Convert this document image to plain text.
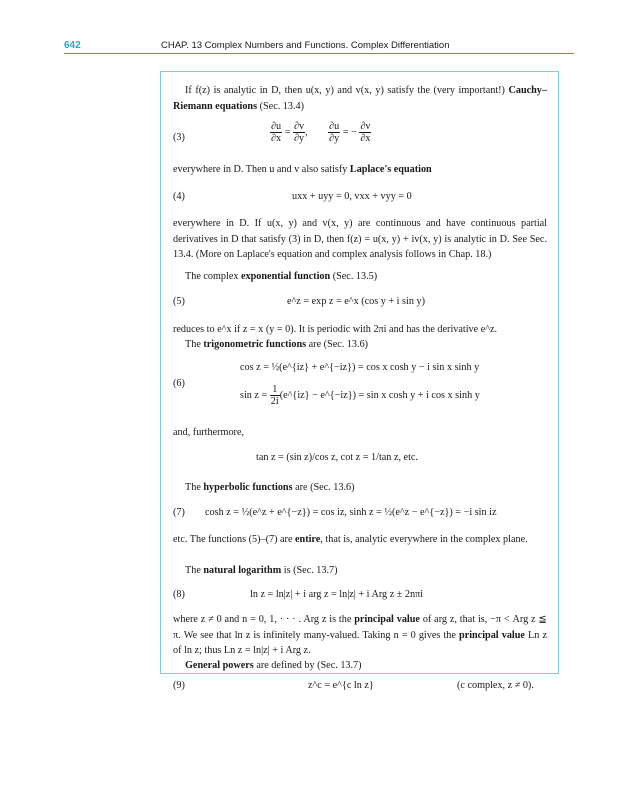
642	CHAP. 13 Complex Numbers and Functions. Complex Differentiation
If f(z) is analytic in D, then u(x, y) and v(x, y) satisfy the (very important!) Cauchy–Riemann equations (Sec. 13.4)
(3)	$\frac{\partial u}{\partial x} = \frac{\partial v}{\partial y}$ , $\frac{\partial u}{\partial y}$ = − $\frac{\partial v}{\partial x}$
everywhere in D. Then u and v also satisfy Laplace's equation
(4)	uxx + uyy = 0, vxx + vyy = 0
everywhere in D. If u(x, y) and v(x, y) are continuous and have continuous partial derivatives in D that satisfy (3) in D, then f(z) = u(x, y) + iv(x, y) is analytic in D. See Sec. 13.4. (More on Laplace's equation and complex analysis follows in Chap. 18.)
The complex exponential function (Sec. 13.5)
(5)	e^z = exp z = e^x (cos y + i sin y)
reduces to e^x if z = x (y = 0). It is periodic with 2πi and has the derivative e^z.
The trigonometric functions are (Sec. 13.6)
cos z = ½(e^{iz} + e^{−iz}) = cos x cosh y − i sin x sinh y
(6)
$\sin z = \frac{1}{2i}$ (e^{iz} − e^{−iz}) = sin x cosh y + i cos x sinh y
and, furthermore,
tan z = (sin z)/cos z, cot z = 1/tan z, etc.
The hyperbolic functions are (Sec. 13.6)
(7) cosh z = ½(e^z + e^{−z}) = cos iz, sinh z = ½(e^z − e^{−z}) = −i sin iz
etc. The functions (5)–(7) are entire, that is, analytic everywhere in the complex plane.
The natural logarithm is (Sec. 13.7)
(8)	ln z = ln|z| + i arg z = ln|z| + i Arg z ± 2nπi
where z ≠ 0 and n = 0, 1, · · · . Arg z is the principal value of arg z, that is, −π < Arg z ≦ π. We see that ln z is infinitely many-valued. Taking n = 0 gives the principal value Ln z of ln z; thus Ln z = ln|z| + i Arg z.
General powers are defined by (Sec. 13.7)
(9)	z^c = e^{c ln z}	(c complex, z ≠ 0).
